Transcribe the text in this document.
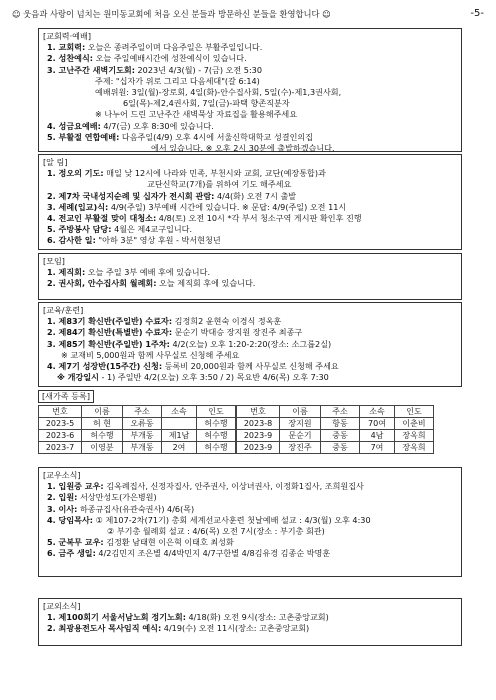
☺ 웃음과 사랑이 넘치는 원미동교회에 처음 오신 분들과 방문하신 분들을 환영합니다 ☺	-5-
[교회력·예배]
1. 교회력: 오늘은 종려주일이며 다음주일은 부활주일입니다.
2. 성찬예식: 오늘 주일예배시간에 성찬예식이 있습니다.
3. 고난주간 새벽기도회: 2023년 4/3(월) - 7(금) 오전 5:30
주제: "십자가 위로 그리고 다음세대"(갈 6:14)
예배위원: 3일(월)-장로회, 4일(화)-안수집사회, 5일(수)-제1,3권사회,
6일(목)-제2,4권사회, 7일(금)-파택 향존직분자
※ 나누어 드린 고난주간 새벽묵상 자료집을 활용해주세요
4. 성금요예배: 4/7(금) 오후 8:30에 있습니다.
5. 부활절 연합예배: 다음주일(4/9) 오후 4시에 서울신학대학교 성결인의집
에서 있습니다. ※ 오후 2시 30분에 출발하겠습니다.
[알 림]
1. 정오의 기도: 매일 낮 12시에 나라와 민족, 부천시와 교회, 교단(예장통합)과
교단신학교(7개)를 위하여 기도 해주세요
2. 제7차 국내성지순례 및 십자가 전시회 관람: 4/4(화) 오전 7시 출발
3. 세례(입교)식: 4/9(주일) 3부예배 시간에 있습니다. ※ 문답: 4/9(주일) 오전 11시
4. 전교인 부활절 맞이 대청소: 4/8(토) 오전 10시 *각 부서 청소구역 게시판 확인후 진행
5. 주방봉사 담당: 4월은 제4교구입니다.
6. 감사한 일: "아하 3분" 영상 후원 - 박서현청년
[모임]
1. 제직회: 오늘 주일 3부 예배 후에 있습니다.
2. 권사회, 안수집사회 월례회: 오늘 제직회 후에 있습니다.
[교육/훈련]
1. 제83기 확신반(주일반) 수료자: 김정희2 윤현숙 이경식 정옥훈
2. 제84기 확신반(특별반) 수료자: 문순기 박대승 장지원 장진주 최종구
3. 제85기 확신반(주일반) 1주차: 4/2(오늘) 오후 1:20-2:20(장소: 소그룹2실)
※ 교재비 5,000원과 함께 사무실로 신청해 주세요
4. 제7기 성장반(15주간) 신청: 등록비 20,000원과 함께 사무실로 신청해 주세요
※ 개강일시 - 1) 주일반 4/2(오늘) 오후 3:50 / 2) 목요반 4/6(목) 오후 7:30
[새가족 등록]
번호	이름	주소	소속	인도	번호	이름	주소	소속	인도
2023-5	허 현	오류동		허수행	2023-8	장지원	항동	70여	이춘비
2023-6	허수행	부개동	제1남	허수행	2023-9	문순기	중동	4남	장옥희
2023-7	이영분	부개동	2여	허수행	2023-9	장진주	중동	7여	장옥희
[교우소식]
1. 입원중 교우: 김옥례집사, 신정자집사, 안주권사, 이상녀권사, 이정화1집사, 조희원집사
2. 입원: 서상만성도(가은병원)
3. 이사: 하종규집사(유관숙권사) 4/6(목)
4. 당임목사: ① 제107-2차(71기) 총회 세계선교사훈련 첫날예배 설교 : 4/3(월) 오후 4:30
② 부기총 월례회 설교 : 4/6(목) 오전 7시(장소 : 부기총 회관)
5. 군복무 교우: 김정환 남태현 이은혁 이태호 최성화
6. 금주 생일: 4/2김민지 조은별 4/4박민지 4/7구한별 4/8김유경 김종순 박명훈
[교외소식]
1. 제100회기 서울서남노회 정기노회: 4/18(화) 오전 9시(장소: 고촌중앙교회)
2. 최광용전도사 목사임직 예식: 4/19(수) 오전 11시(장소: 고촌중앙교회)
